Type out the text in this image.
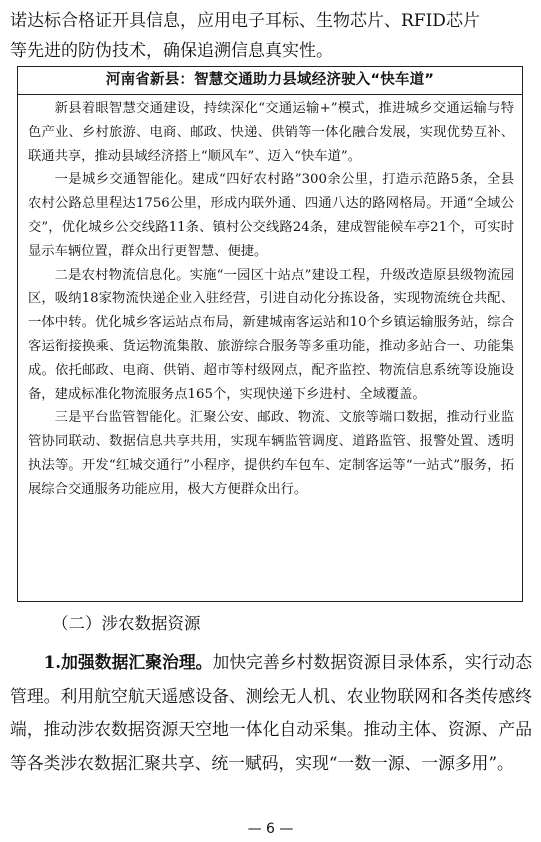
诺达标合格证开具信息，应用电子耳标、生物芯片、RFID芯片

等先进的防伪技术，确保追溯信息真实性。

河南省新县：智慧交通助力县域经济驶入“快车道”

新县着眼智慧交通建设，持续深化“交通运输+”模式，推进城乡交通运输与特色产业、乡村旅游、电商、邮政、快递、供销等一体化融合发展，实现优势互补、联通共享，推动县域经济搭上“顺风车”、迈入“快车道”。

一是城乡交通智能化。建成“四好农村路”300余公里，打造示范路5条，全县农村公路总里程达1756公里，形成内联外通、四通八达的路网格局。开通“全域公交”，优化城乡公交线路11条、镇村公交线路24条，建成智能候车亭21个，可实时显示车辆位置，群众出行更智慧、便捷。

二是农村物流信息化。实施“一园区十站点”建设工程，升级改造原县级物流园区，吸纳18家物流快递企业入驻经营，引进自动化分拣设备，实现物流统仓共配、一体中转。优化城乡客运站点布局，新建城南客运站和10个乡镇运输服务站，综合客运衔接换乘、货运物流集散、旅游综合服务等多重功能，推动多站合一、功能集成。依托邮政、电商、供销、超市等村级网点，配齐监控、物流信息系统等设施设备，建成标准化物流服务点165个，实现快递下乡进村、全域覆盖。

三是平台监管智能化。汇聚公安、邮政、物流、文旅等端口数据，推动行业监管协同联动、数据信息共享共用，实现车辆监管调度、道路监管、报警处置、透明执法等。开发“红城交通行”小程序，提供约车包车、定制客运等“一站式”服务，拓展综合交通服务功能应用，极大方便群众出行。

（二）涉农数据资源

1.加强数据汇聚治理。加快完善乡村数据资源目录体系，实行动态管理。利用航空航天遥感设备、测绘无人机、农业物联网和各类传感终端，推动涉农数据资源天空地一体化自动采集。推动主体、资源、产品等各类涉农数据汇聚共享、统一赋码，实现“一数一源、一源多用”。

— 6 —
